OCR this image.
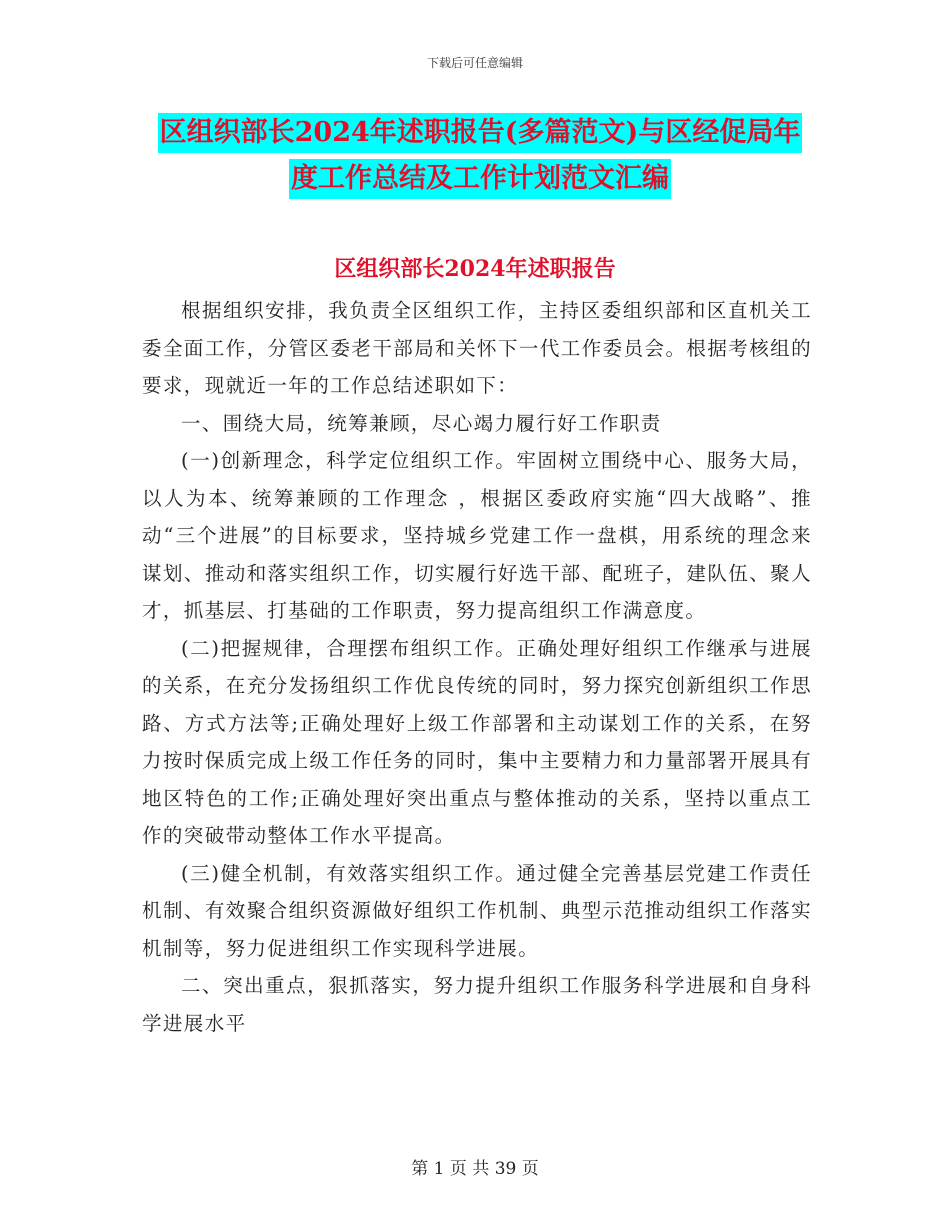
下载后可任意编辑
区组织部长2024年述职报告(多篇范文)与区经促局年
度工作总结及工作计划范文汇编
区组织部长2024年述职报告

根据组织安排，我负责全区组织工作，主持区委组织部和区直机关工委全面工作，分管区委老干部局和关怀下一代工作委员会。根据考核组的要求，现就近一年的工作总结述职如下：

一、围绕大局，统筹兼顾，尽心竭力履行好工作职责

(一)创新理念，科学定位组织工作。牢固树立围绕中心、服务大局，以人为本、统筹兼顾的工作理念 ，根据区委政府实施“四大战略”、推动“三个进展”的目标要求，坚持城乡党建工作一盘棋，用系统的理念来谋划、推动和落实组织工作，切实履行好选干部、配班子，建队伍、聚人才，抓基层、打基础的工作职责，努力提高组织工作满意度。

(二)把握规律，合理摆布组织工作。正确处理好组织工作继承与进展的关系，在充分发扬组织工作优良传统的同时，努力探究创新组织工作思路、方式方法等;正确处理好上级工作部署和主动谋划工作的关系，在努力按时保质完成上级工作任务的同时，集中主要精力和力量部署开展具有地区特色的工作;正确处理好突出重点与整体推动的关系，坚持以重点工作的突破带动整体工作水平提高。

(三)健全机制，有效落实组织工作。通过健全完善基层党建工作责任机制、有效聚合组织资源做好组织工作机制、典型示范推动组织工作落实机制等，努力促进组织工作实现科学进展。

二、突出重点，狠抓落实，努力提升组织工作服务科学进展和自身科学进展水平

第 1 页 共 39 页
